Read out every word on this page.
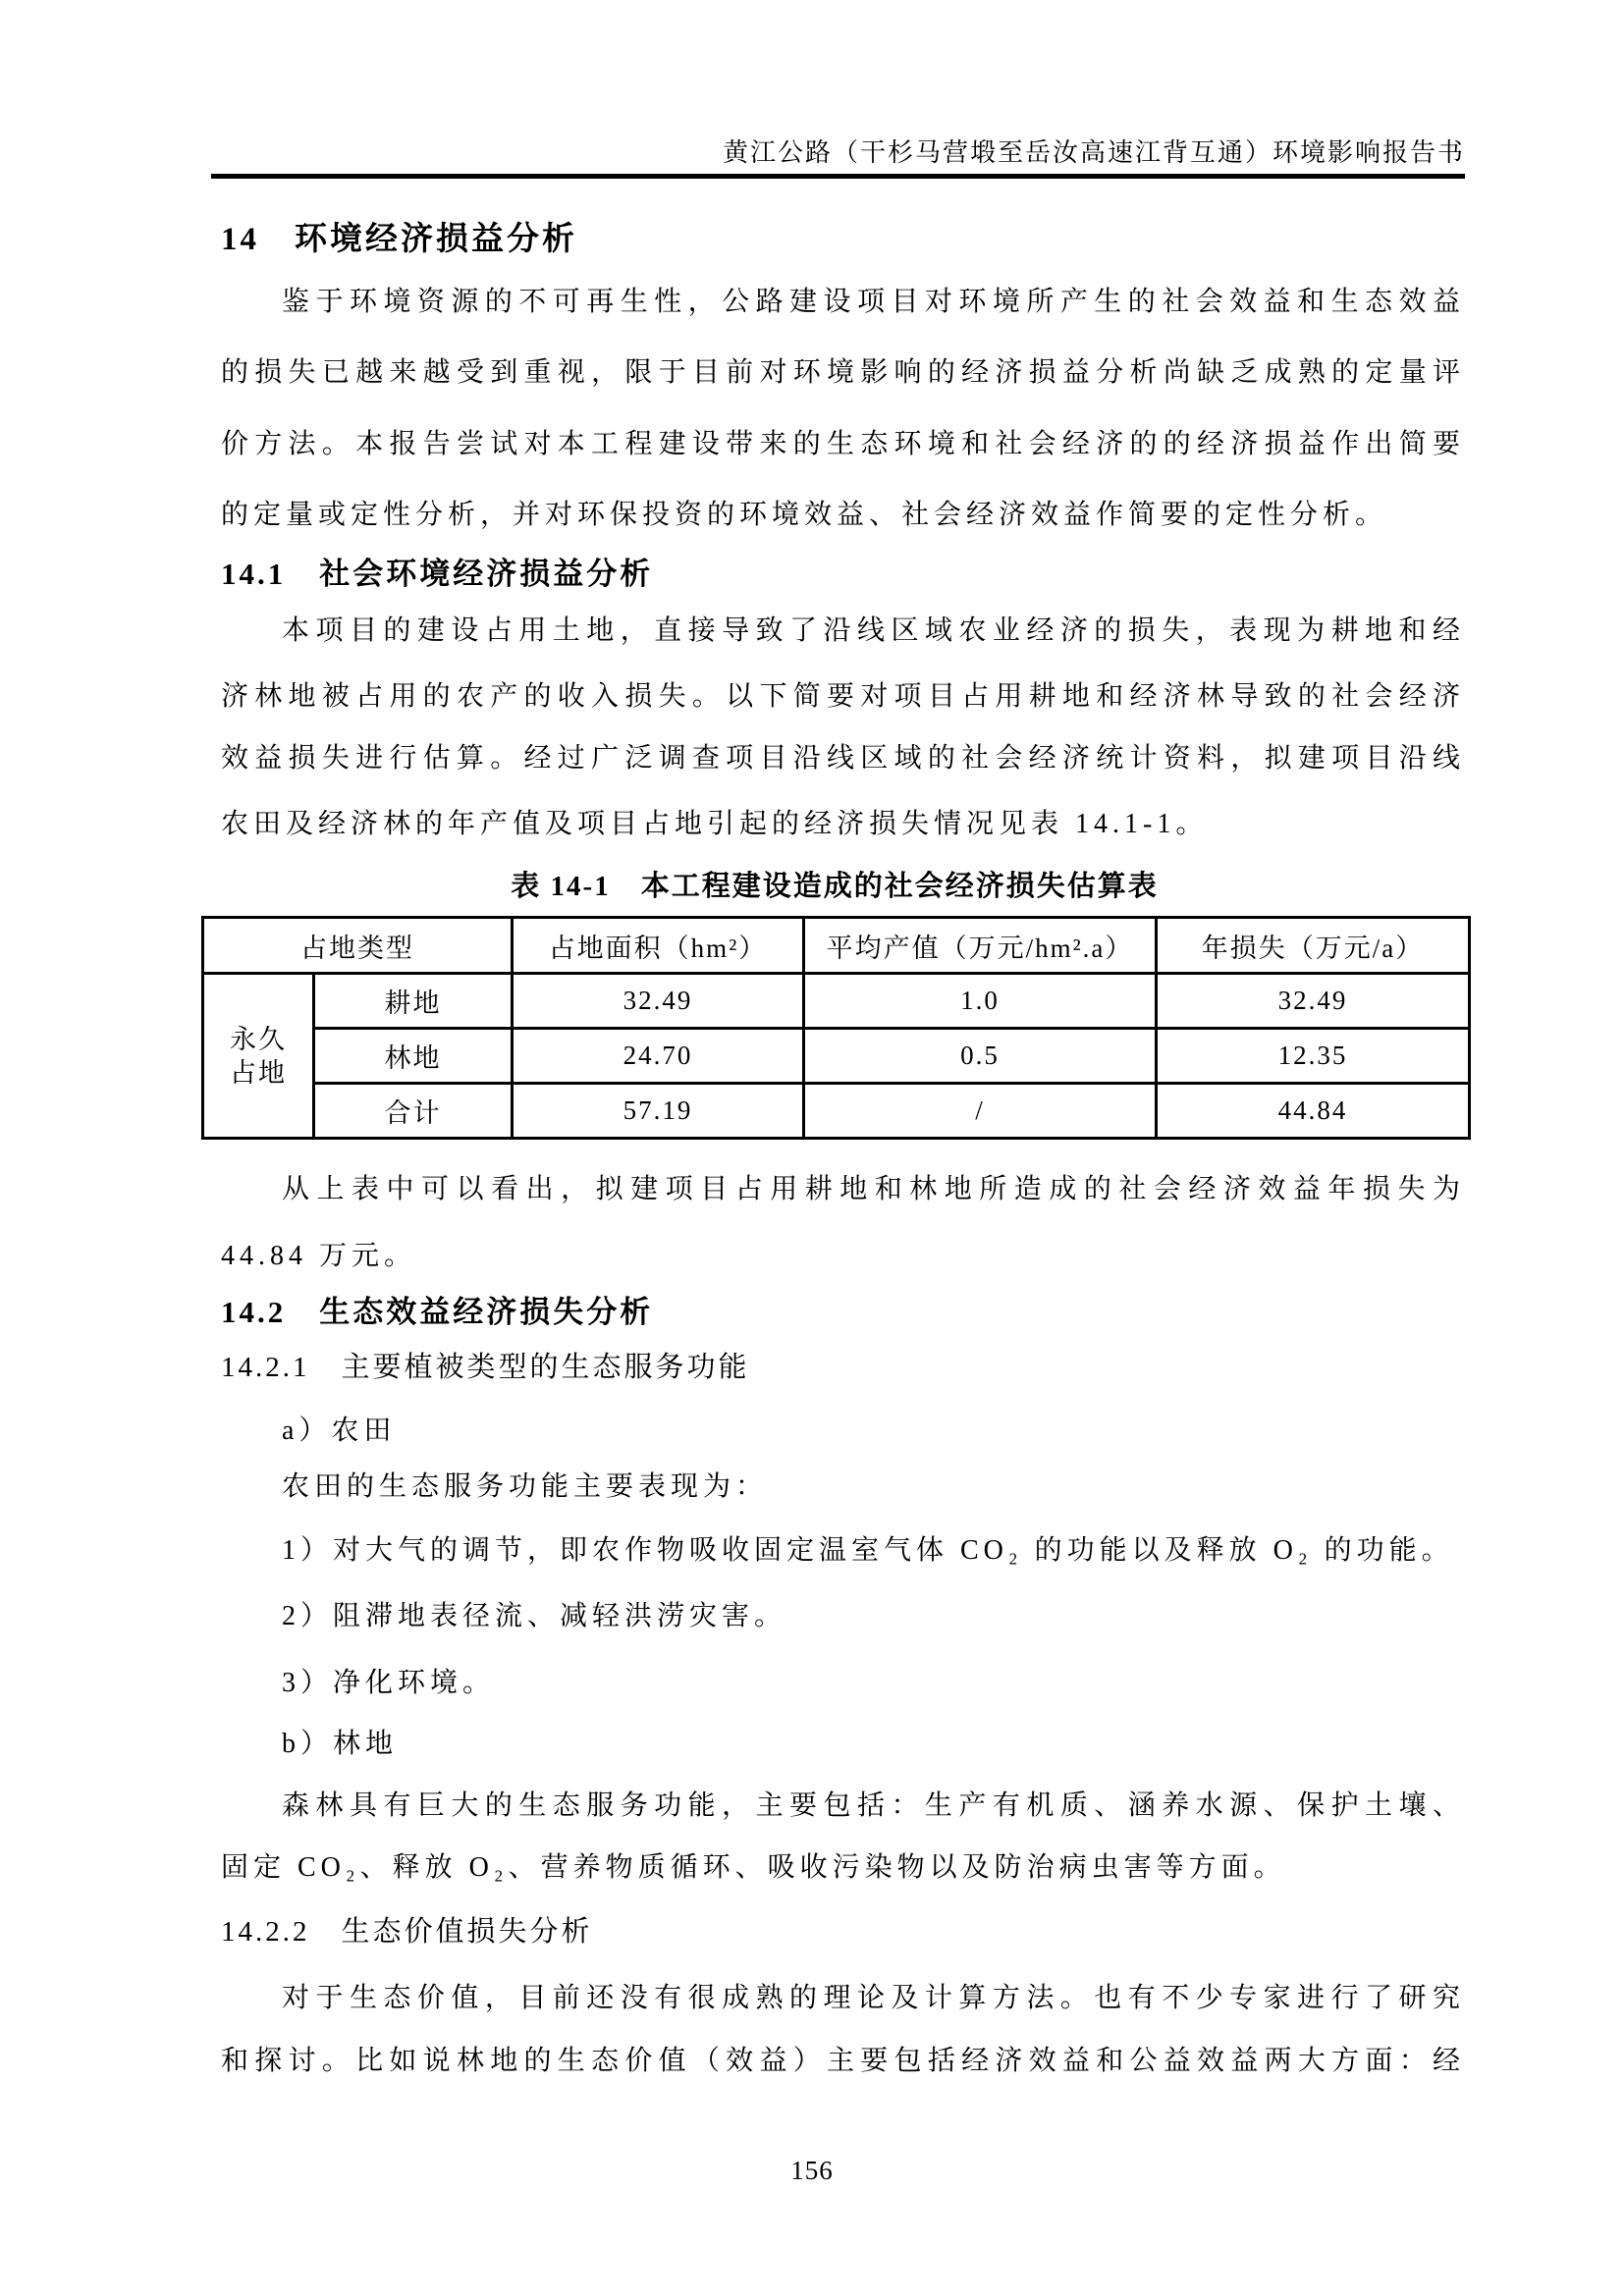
黄江公路（干杉马营塅至岳汝高速江背互通）环境影响报告书
14　环境经济损益分析
鉴于环境资源的不可再生性，公路建设项目对环境所产生的社会效益和生态效益
的损失已越来越受到重视，限于目前对环境影响的经济损益分析尚缺乏成熟的定量评
价方法。本报告尝试对本工程建设带来的生态环境和社会经济的的经济损益作出简要
的定量或定性分析，并对环保投资的环境效益、社会经济效益作简要的定性分析。
14.1　社会环境经济损益分析
本项目的建设占用土地，直接导致了沿线区域农业经济的损失，表现为耕地和经
济林地被占用的农产的收入损失。以下简要对项目占用耕地和经济林导致的社会经济
效益损失进行估算。经过广泛调查项目沿线区域的社会经济统计资料，拟建项目沿线
农田及经济林的年产值及项目占地引起的经济损失情况见表 14.1-1。
表 14-1　本工程建设造成的社会经济损失估算表
占地类型		占地面积（hm²）	平均产值（万元/hm².a）	年损失（万元/a）
永久
占地	耕地	32.49	1.0	32.49
	林地	24.70	0.5	12.35
	合计	57.19	/	44.84
从上表中可以看出，拟建项目占用耕地和林地所造成的社会经济效益年损失为
44.84 万元。
14.2　生态效益经济损失分析
14.2.1　主要植被类型的生态服务功能
a）农田
农田的生态服务功能主要表现为：
1）对大气的调节，即农作物吸收固定温室气体 CO₂ 的功能以及释放 O₂ 的功能。
2）阻滞地表径流、减轻洪涝灾害。
3）净化环境。
b）林地
森林具有巨大的生态服务功能，主要包括：生产有机质、涵养水源、保护土壤、
固定 CO₂、释放 O₂、营养物质循环、吸收污染物以及防治病虫害等方面。
14.2.2　生态价值损失分析
对于生态价值，目前还没有很成熟的理论及计算方法。也有不少专家进行了研究
和探讨。比如说林地的生态价值（效益）主要包括经济效益和公益效益两大方面：经
156
